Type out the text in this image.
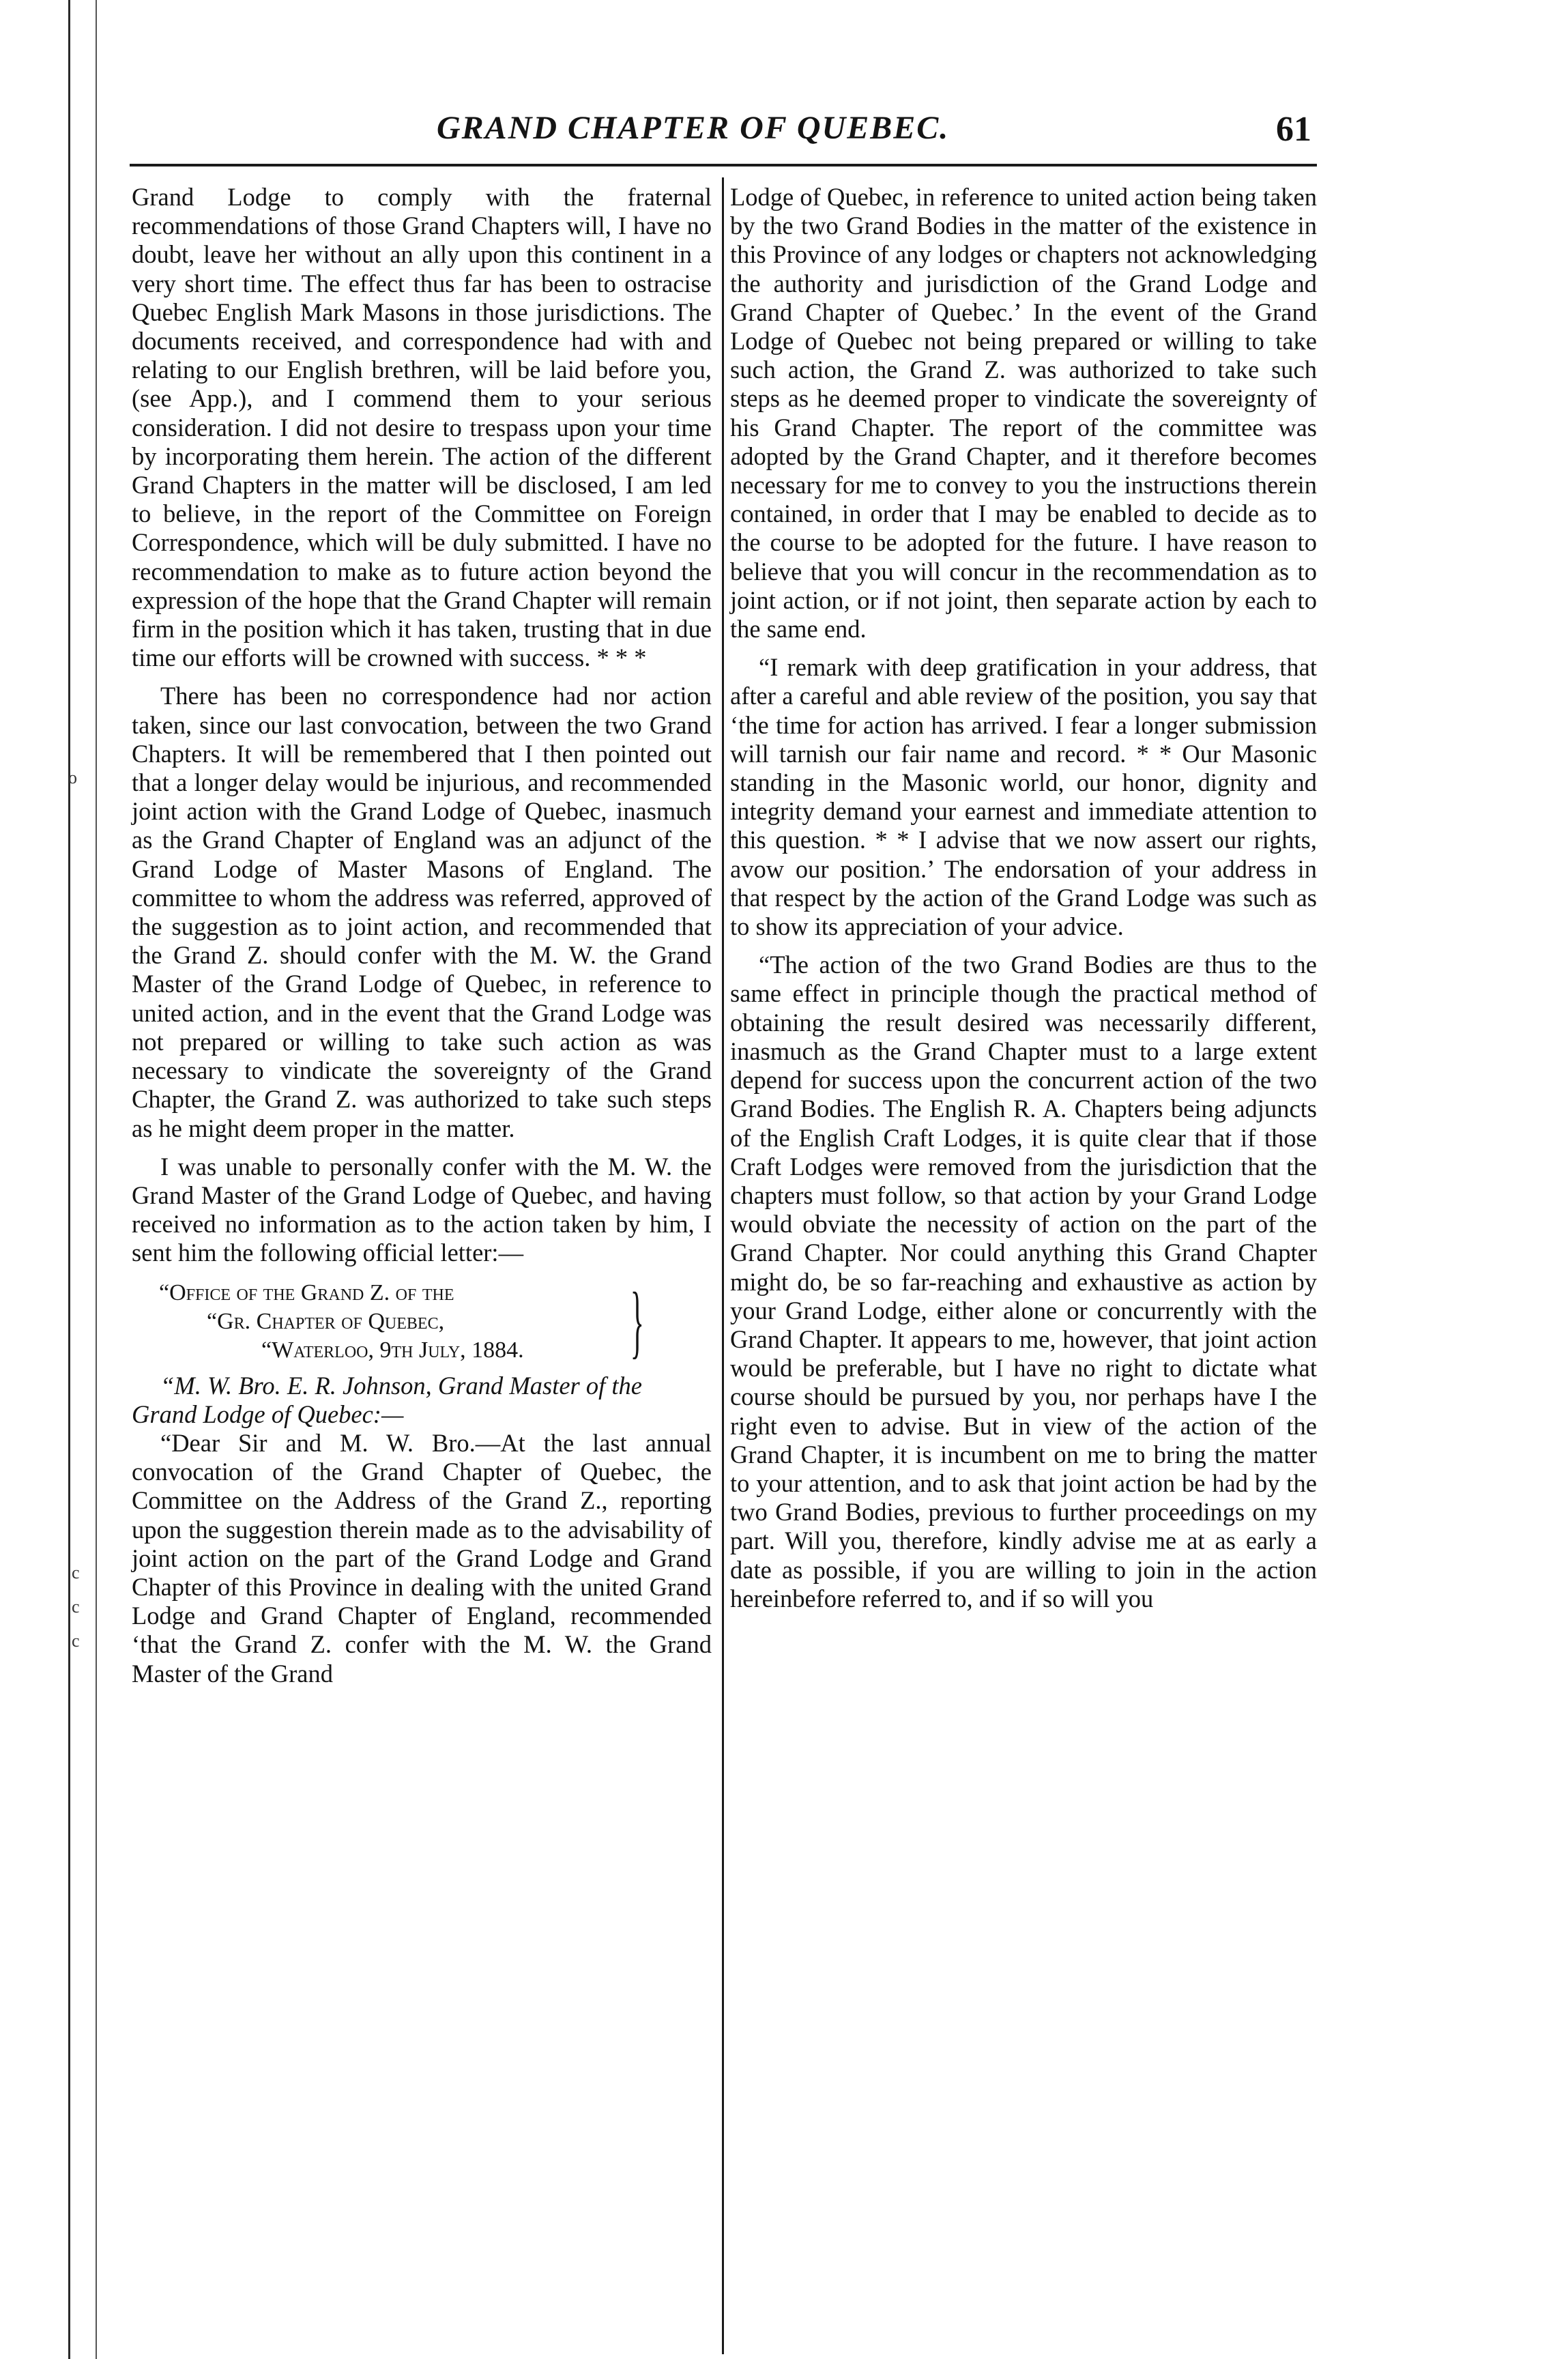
o
c
c
c
GRAND CHAPTER OF QUEBEC.	61

Grand Lodge to comply with the fraternal recommendations of those Grand Chapters will, I have no doubt, leave her without an ally upon this continent in a very short time. The effect thus far has been to ostracise Quebec English Mark Masons in those jurisdictions. The documents received, and correspondence had with and relating to our English brethren, will be laid before you, (see App.), and I commend them to your serious consideration. I did not desire to trespass upon your time by incorporating them herein. The action of the different Grand Chapters in the matter will be disclosed, I am led to believe, in the report of the Committee on Foreign Correspondence, which will be duly submitted. I have no recommendation to make as to future action beyond the expression of the hope that the Grand Chapter will remain firm in the position which it has taken, trusting that in due time our efforts will be crowned with success. * * *

There has been no correspondence had nor action taken, since our last convocation, between the two Grand Chapters. It will be remembered that I then pointed out that a longer delay would be injurious, and recommended joint action with the Grand Lodge of Quebec, inasmuch as the Grand Chapter of England was an adjunct of the Grand Lodge of Master Masons of England. The committee to whom the address was referred, approved of the suggestion as to joint action, and recommended that the Grand Z. should confer with the M. W. the Grand Master of the Grand Lodge of Quebec, in reference to united action, and in the event that the Grand Lodge was not prepared or willing to take such action as was necessary to vindicate the sovereignty of the Grand Chapter, the Grand Z. was authorized to take such steps as he might deem proper in the matter.

I was unable to personally confer with the M. W. the Grand Master of the Grand Lodge of Quebec, and having received no information as to the action taken by him, I sent him the following official letter:—

“Office of the Grand Z. of the
“Gr. Chapter of Quebec,
“Waterloo, 9th July, 1884.	}

“M. W. Bro. E. R. Johnson, Grand Master of the Grand Lodge of Quebec:—

“Dear Sir and M. W. Bro.—At the last annual convocation of the Grand Chapter of Quebec, the Committee on the Address of the Grand Z., reporting upon the suggestion therein made as to the advisability of joint action on the part of the Grand Lodge and Grand Chapter of this Province in dealing with the united Grand Lodge and Grand Chapter of England, recommended ‘that the Grand Z. confer with the M. W. the Grand Master of the Grand

Lodge of Quebec, in reference to united action being taken by the two Grand Bodies in the matter of the existence in this Province of any lodges or chapters not acknowledging the authority and jurisdiction of the Grand Lodge and Grand Chapter of Quebec.’ In the event of the Grand Lodge of Quebec not being prepared or willing to take such action, the Grand Z. was authorized to take such steps as he deemed proper to vindicate the sovereignty of his Grand Chapter. The report of the committee was adopted by the Grand Chapter, and it therefore becomes necessary for me to convey to you the instructions therein contained, in order that I may be enabled to decide as to the course to be adopted for the future. I have reason to believe that you will concur in the recommendation as to joint action, or if not joint, then separate action by each to the same end.

“I remark with deep gratification in your address, that after a careful and able review of the position, you say that ‘the time for action has arrived. I fear a longer submission will tarnish our fair name and record. * * Our Masonic standing in the Masonic world, our honor, dignity and integrity demand your earnest and immediate attention to this question. * * I advise that we now assert our rights, avow our position.’ The endorsation of your address in that respect by the action of the Grand Lodge was such as to show its appreciation of your advice.

“The action of the two Grand Bodies are thus to the same effect in principle though the practical method of obtaining the result desired was necessarily different, inasmuch as the Grand Chapter must to a large extent depend for success upon the concurrent action of the two Grand Bodies. The English R. A. Chapters being adjuncts of the English Craft Lodges, it is quite clear that if those Craft Lodges were removed from the jurisdiction that the chapters must follow, so that action by your Grand Lodge would obviate the necessity of action on the part of the Grand Chapter. Nor could anything this Grand Chapter might do, be so far-reaching and exhaustive as action by your Grand Lodge, either alone or concurrently with the Grand Chapter. It appears to me, however, that joint action would be preferable, but I have no right to dictate what course should be pursued by you, nor perhaps have I the right even to advise. But in view of the action of the Grand Chapter, it is incumbent on me to bring the matter to your attention, and to ask that joint action be had by the two Grand Bodies, previous to further proceedings on my part. Will you, therefore, kindly advise me at as early a date as possible, if you are willing to join in the action hereinbefore referred to, and if so will you
